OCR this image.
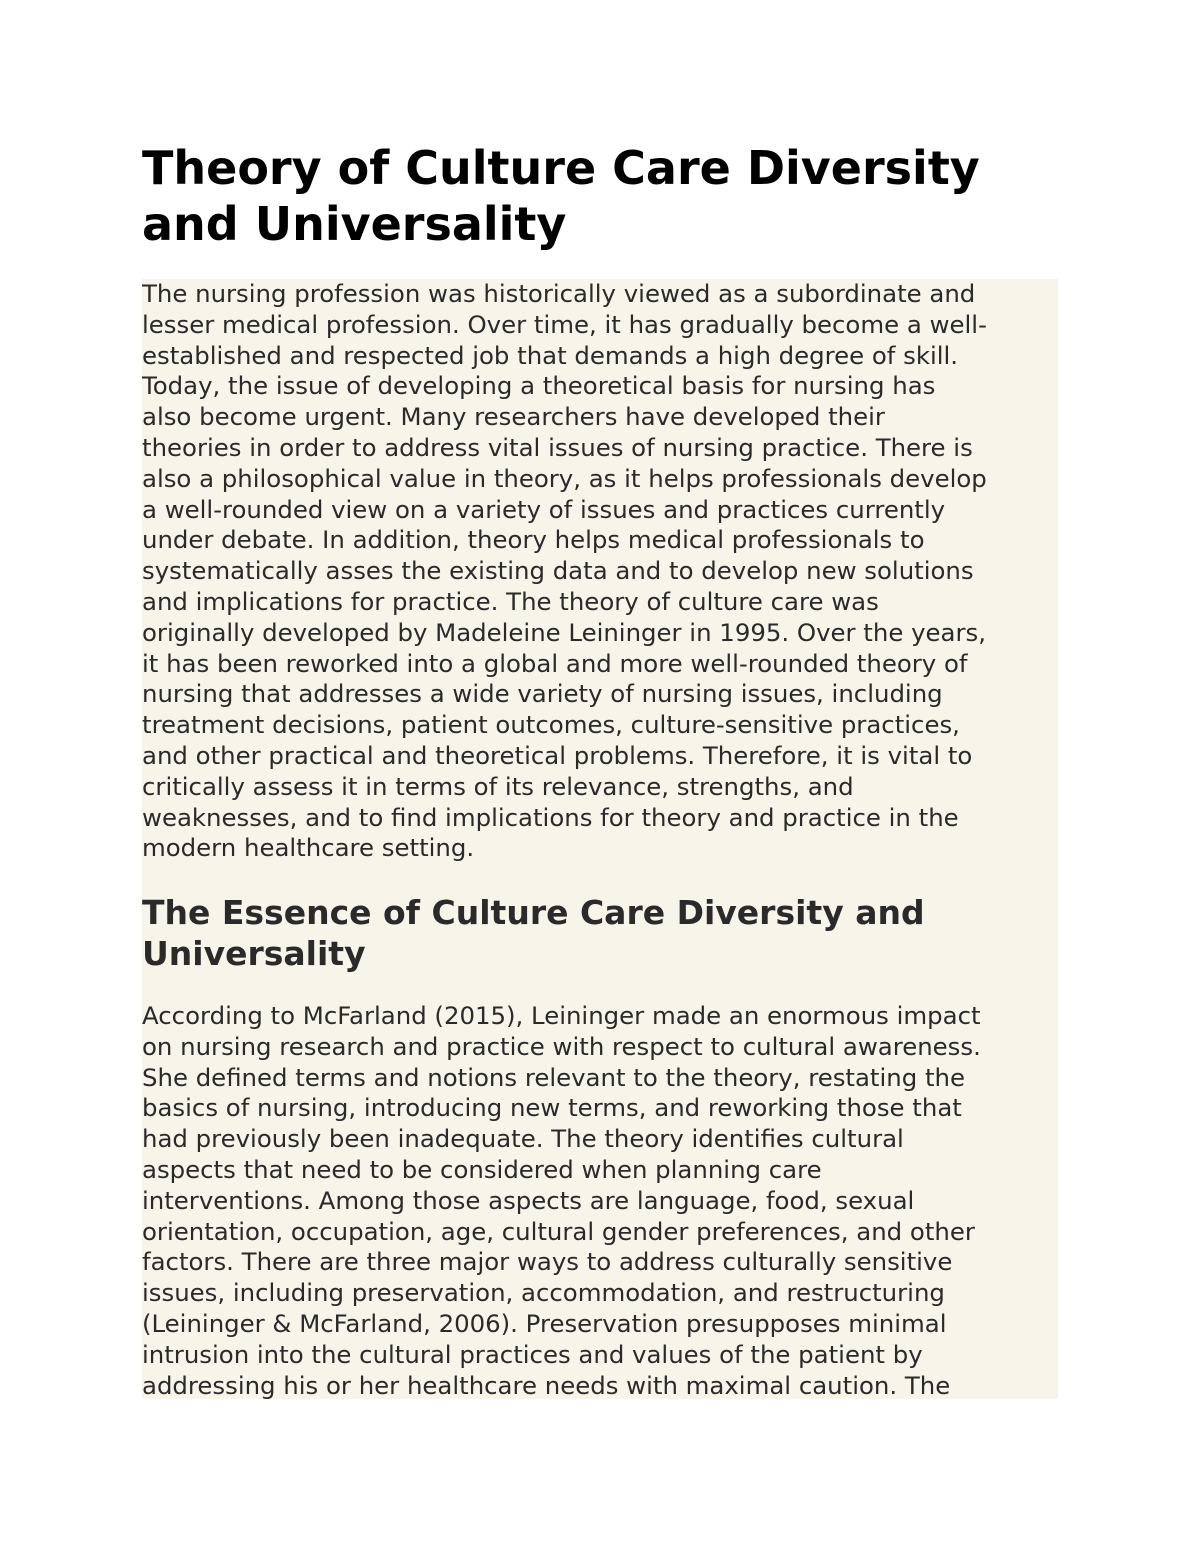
Theory of Culture Care Diversity
and Universality

The nursing profession was historically viewed as a subordinate and
lesser medical profession. Over time, it has gradually become a well-
established and respected job that demands a high degree of skill.
Today, the issue of developing a theoretical basis for nursing has
also become urgent. Many researchers have developed their
theories in order to address vital issues of nursing practice. There is
also a philosophical value in theory, as it helps professionals develop
a well-rounded view on a variety of issues and practices currently
under debate. In addition, theory helps medical professionals to
systematically asses the existing data and to develop new solutions
and implications for practice. The theory of culture care was
originally developed by Madeleine Leininger in 1995. Over the years,
it has been reworked into a global and more well-rounded theory of
nursing that addresses a wide variety of nursing issues, including
treatment decisions, patient outcomes, culture-sensitive practices,
and other practical and theoretical problems. Therefore, it is vital to
critically assess it in terms of its relevance, strengths, and
weaknesses, and to find implications for theory and practice in the
modern healthcare setting.

The Essence of Culture Care Diversity and
Universality

According to McFarland (2015), Leininger made an enormous impact
on nursing research and practice with respect to cultural awareness.
She defined terms and notions relevant to the theory, restating the
basics of nursing, introducing new terms, and reworking those that
had previously been inadequate. The theory identifies cultural
aspects that need to be considered when planning care
interventions. Among those aspects are language, food, sexual
orientation, occupation, age, cultural gender preferences, and other
factors. There are three major ways to address culturally sensitive
issues, including preservation, accommodation, and restructuring
(Leininger & McFarland, 2006). Preservation presupposes minimal
intrusion into the cultural practices and values of the patient by
addressing his or her healthcare needs with maximal caution. The
